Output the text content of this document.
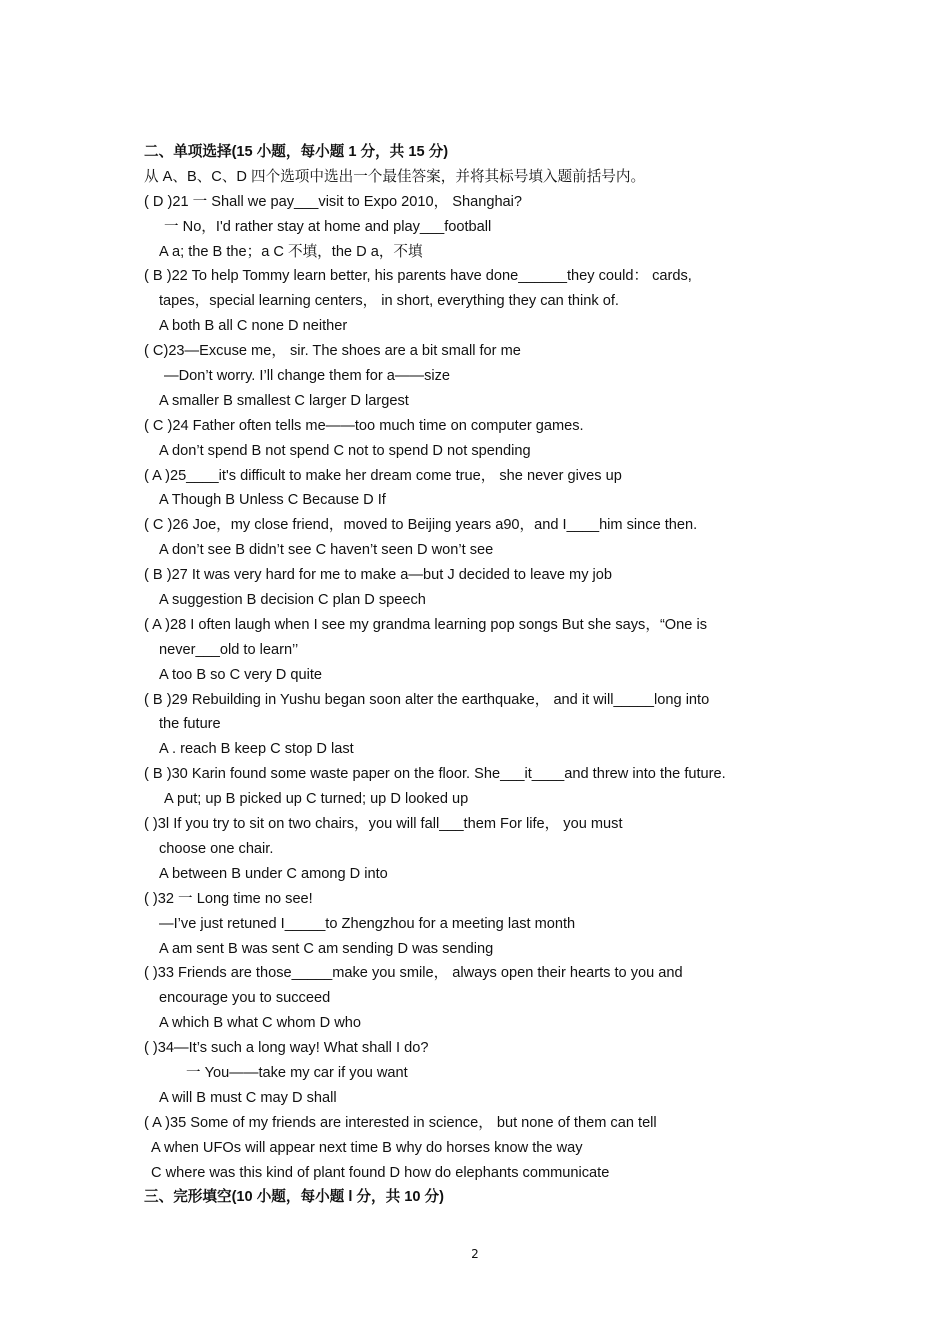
二、单项选择(15 小题，每小题 1 分，共 15 分)
从 A、B、C、D 四个选项中选出一个最佳答案，并将其标号填入题前括号内。
( D )21 一 Shall we pay___visit to Expo 2010， Shanghai?
一 No，I'd rather stay at home and play___football
A a; the B the；a C 不填，the D a，不填
( B )22 To help Tommy learn better, his parents have done______they could： cards,
tapes，special learning centers， in short, everything they can think of.
A both B all C none D neither
( C)23—Excuse me， sir. The shoes are a bit small for me
—Don’t worry. I’ll change them for a——size
A smaller B smallest C larger D largest
( C )24 Father often tells me——too much time on computer games.
A don’t spend B not spend C not to spend D not spending
( A )25____it's difficult to make her dream come true， she never gives up
A Though B Unless C Because D If
( C )26 Joe，my close friend，moved to Beijing years a90，and I____him since then.
A don’t see B didn’t see C haven’t seen D won’t see
( B )27 It was very hard for me to make a—but J decided to leave my job
A suggestion B decision C plan D speech
( A )28 I often laugh when I see my grandma learning pop songs But she says，“One is
never___old to learn’’
A too B so C very D quite
( B )29 Rebuilding in Yushu began soon alter the earthquake， and it will_____long into
the future
A . reach B keep C stop D last
( B )30 Karin found some waste paper on the floor. She___it____and threw into the future.
A put; up B picked up C turned; up D looked up
( )3l If you try to sit on two chairs，you will fall___them For life， you must
choose one chair.
A between B under C among D into
( )32 一 Long time no see!
—I’ve just retuned I_____to Zhengzhou for a meeting last month
A am sent B was sent C am sending D was sending
( )33 Friends are those_____make you smile， always open their hearts to you and
encourage you to succeed
A which B what C whom D who
( )34—It’s such a long way! What shall I do?
一 You——take my car if you want
A will B must C may D shall
( A )35 Some of my friends are interested in science， but none of them can tell
A when UFOs will appear next time B why do horses know the way
C where was this kind of plant found D how do elephants communicate
三、完形填空(10 小题，每小题 l 分，共 10 分)
2
